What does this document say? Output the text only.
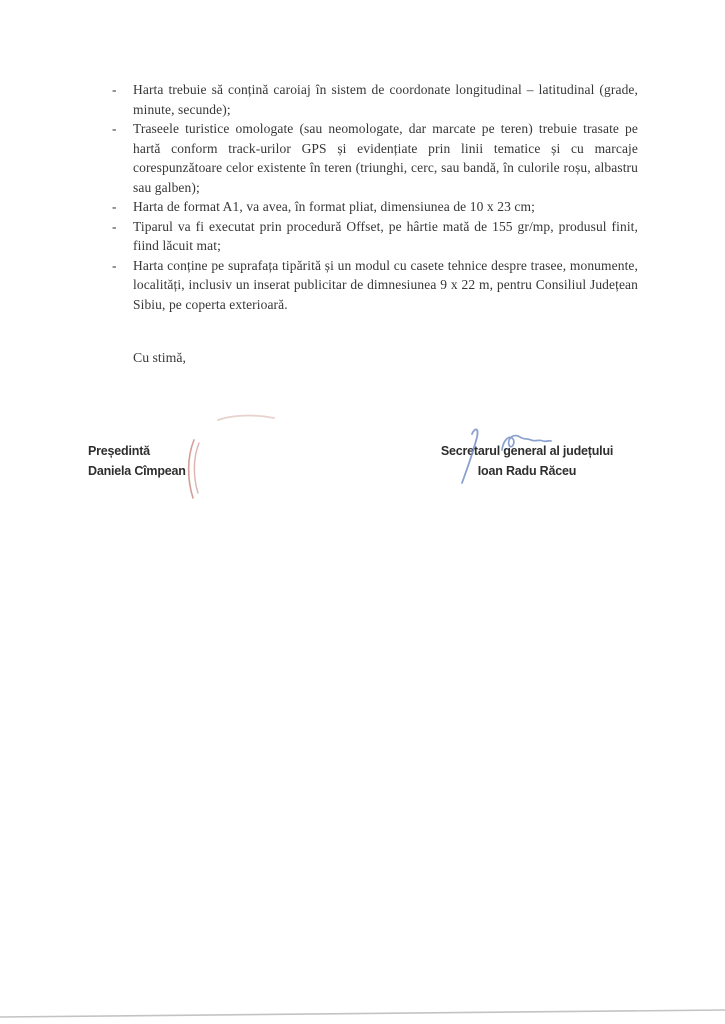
- Harta trebuie să conțină caroiaj în sistem de coordonate longitudinal – latitudinal (grade, minute, secunde);
- Traseele turistice omologate (sau neomologate, dar marcate pe teren) trebuie trasate pe hartă conform track-urilor GPS și evidențiate prin linii tematice și cu marcaje corespunzătoare celor existente în teren (triunghi, cerc, sau bandă, în culorile roșu, albastru sau galben);
- Harta de format A1, va avea, în format pliat, dimensiunea de 10 x 23 cm;
- Tiparul va fi executat prin procedură Offset, pe hârtie mată de 155 gr/mp, produsul finit, fiind lăcuit mat;
- Harta conține pe suprafața tipărită și un modul cu casete tehnice despre trasee, monumente, localități, inclusiv un inserat publicitar de dimnesiunea 9 x 22 m, pentru Consiliul Județean Sibiu, pe coperta exterioară.

Cu stimă,

Președintă
Daniela Cîmpean
Secretarul general al județului
Ioan Radu Răceu
